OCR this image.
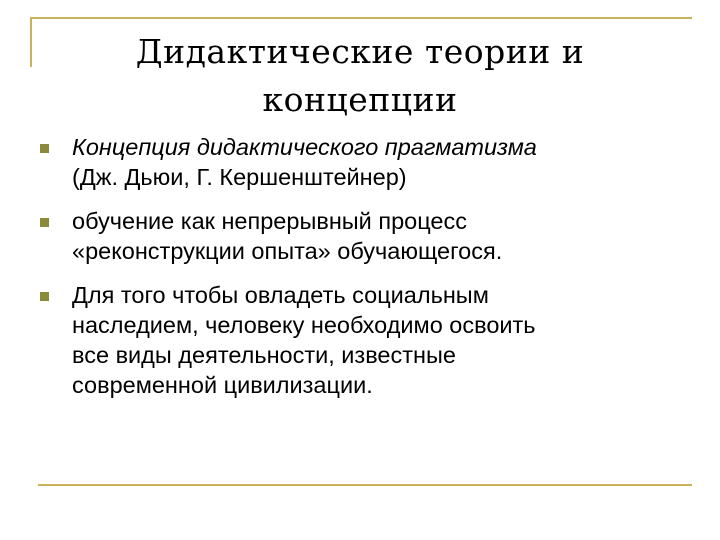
Дидактические теории и
концепции
Концепция дидактического прагматизма
(Дж. Дьюи, Г. Кершенштейнер)
обучение как непрерывный процесс
«реконструкции опыта» обучающегося.
Для того чтобы овладеть социальным
наследием, человеку необходимо освоить
все виды деятельности, известные
современной цивилизации.
